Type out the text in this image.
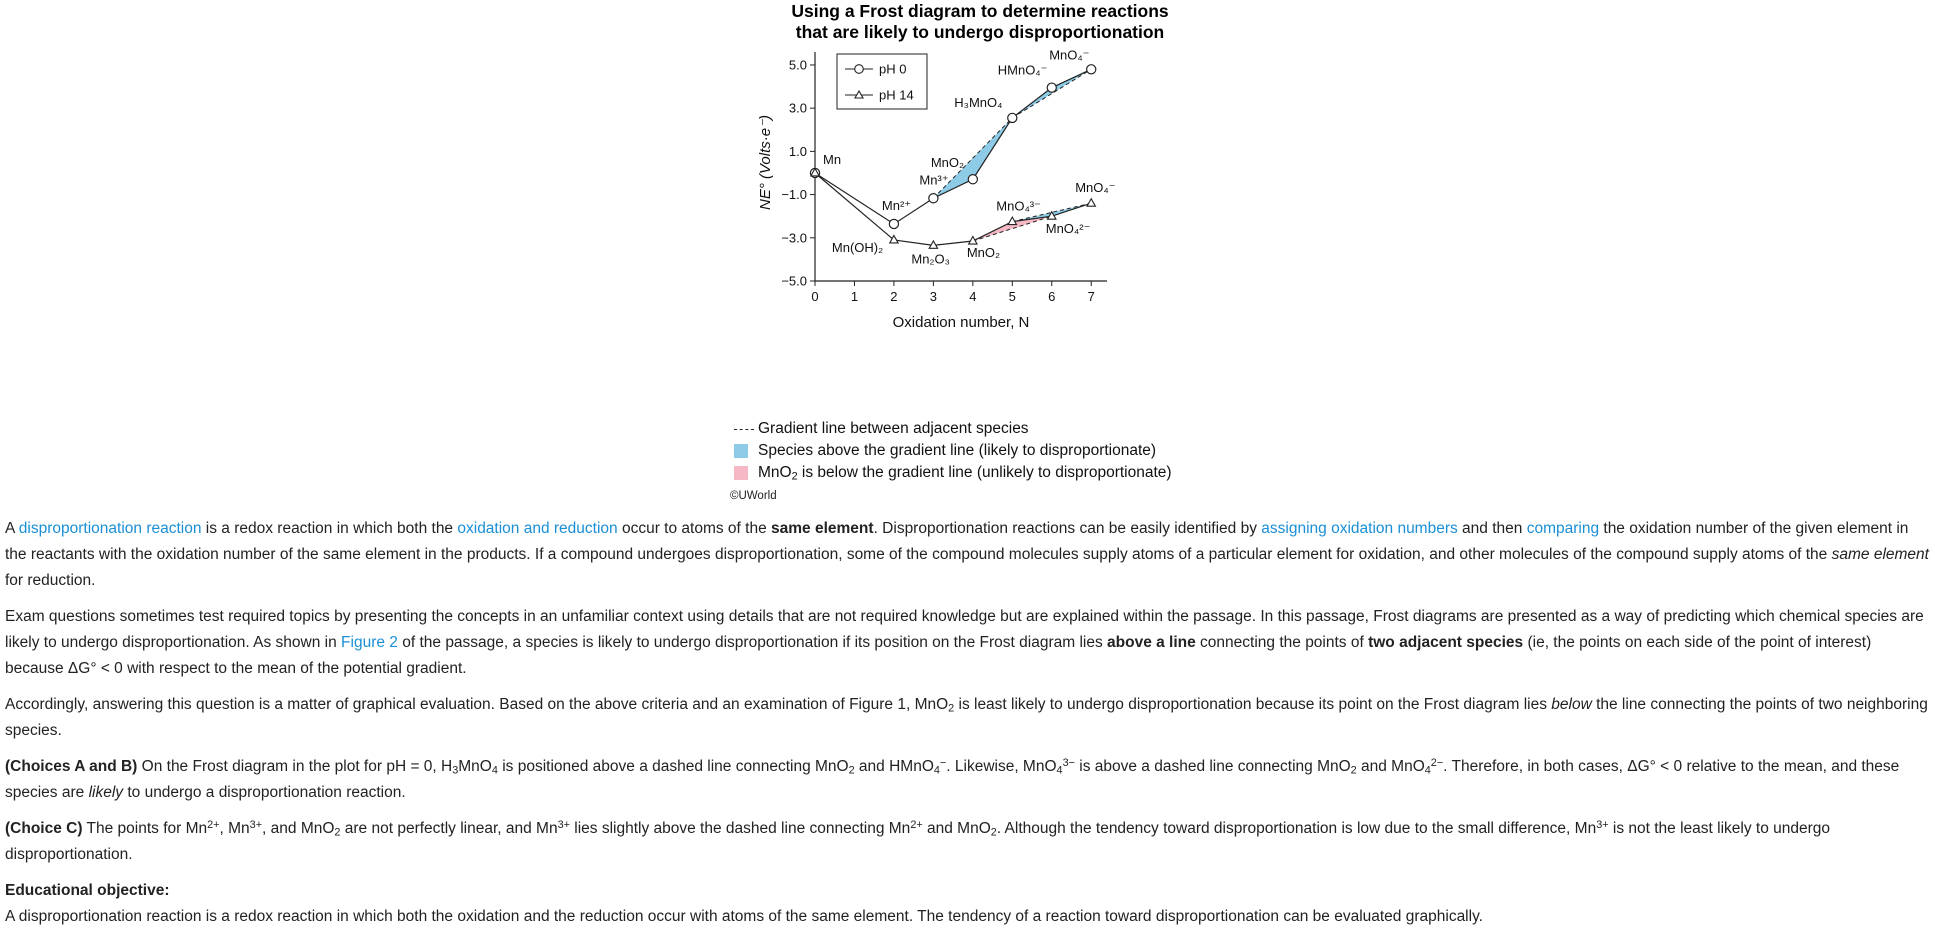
Using a Frost diagram to determine reactions
that are likely to undergo disproportionation
0 1 2 3 4 5 6 7
5.0
3.0
1.0
−1.0
−3.0
−5.0
Oxidation number, N
NE° (Volts·e⁻)	Mn
Mn(OH)₂
Mn²⁺
Mn₂O₃
Mn³⁺
MnO₂
MnO₂
H₃MnO₄
MnO₄³⁻
HMnO₄⁻
MnO₄²⁻
MnO₄⁻
MnO₄⁻
pH 0
pH 14
Gradient line between adjacent species
Species above the gradient line (likely to disproportionate)
MnO$_2$ is below the gradient line (unlikely to disproportionate)
©UWorld

A disproportionation reaction is a redox reaction in which both the oxidation and reduction occur to atoms of the same element. Disproportionation reactions can be easily identified by assigning oxidation numbers and then comparing the oxidation number of the given element in the reactants with the oxidation number of the same element in the products. If a compound undergoes disproportionation, some of the compound molecules supply atoms of a particular element for oxidation, and other molecules of the compound supply atoms of the same element for reduction.

Exam questions sometimes test required topics by presenting the concepts in an unfamiliar context using details that are not required knowledge but are explained within the passage. In this passage, Frost diagrams are presented as a way of predicting which chemical species are likely to undergo disproportionation. As shown in Figure 2 of the passage, a species is likely to undergo disproportionation if its position on the Frost diagram lies above a line connecting the points of two adjacent species (ie, the points on each side of the point of interest) because ΔG° < 0 with respect to the mean of the potential gradient.

Accordingly, answering this question is a matter of graphical evaluation. Based on the above criteria and an examination of Figure 1, MnO$_2$ is least likely to undergo disproportionation because its point on the Frost diagram lies below the line connecting the points of two neighboring species.

(Choices A and B) On the Frost diagram in the plot for pH = 0, $H_3MnO_4$ is positioned above a dashed line connecting MnO$_2$ and HMnO$_4$−. Likewise, MnO$_4^{3-}$ is above a dashed line connecting MnO$_2$ and MnO$_4^{2-}$. Therefore, in both cases, ΔG° < 0 relative to the mean, and these species are likely to undergo a disproportionation reaction.

(Choice C) The points for $Mn^{2+}$, $Mn^{3+}$, and MnO$_2$ are not perfectly linear, and $Mn^{3+}$ lies slightly above the dashed line connecting $Mn^{2+}$ and MnO$_2$. Although the tendency toward disproportionation is low due to the small difference, $Mn^{3+}$ is not the least likely to undergo disproportionation.

Educational objective:

A disproportionation reaction is a redox reaction in which both the oxidation and the reduction occur with atoms of the same element. The tendency of a reaction toward disproportionation can be evaluated graphically.
